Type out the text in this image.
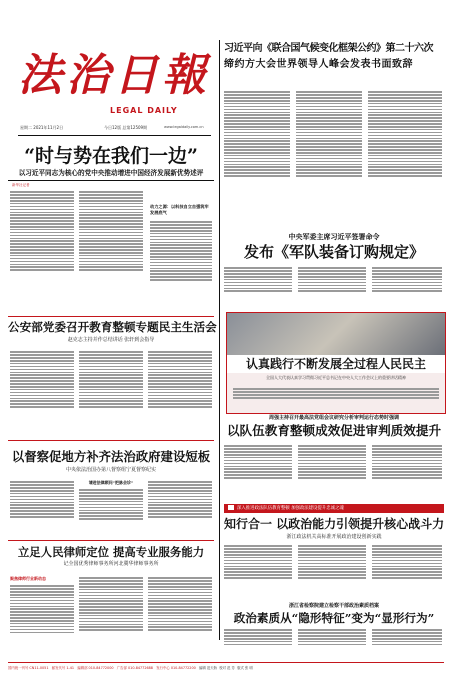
法治日報
LEGAL DAILY
www.legaldaily.com.cn
星期二 2021年11月2日	今日12版 总第12509期
习近平向《联合国气候变化框架公约》第二十六次
缔约方大会世界领导人峰会发表书面致辞
“时与势在我们一边”
以习近平同志为核心的党中央推动增进中国经济发展新优势述评
新华社记者
动力之源：以科技自立自强筑牢发展底气
中央军委主席习近平签署命令
发布《军队装备订购规定》
认真践行不断发展全过程人民民主
全国人大代表认真学习贯彻习近平总书记在中央人大工作会议上的重要讲话精神
公安部党委召开教育整顿专题民主生活会
赵克志主持并作总结讲话 张轩到会指导
周强主持召开最高法党组会议研究分析审判运行态势时强调
以队伍教育整顿成效促进审判质效提升
以督察促地方补齐法治政府建设短板
中央依法治国办第八督察组宁夏督察纪实
请进法律顾问“把脉会诊”
深入推进政法队伍教育整顿 加强政法建设提升忠诚之魂
知行合一 以政治能力引领提升核心战斗力
浙江政法机关高标准开展政治建设创新实践
立足人民律师定位 提高专业服务能力
记全国优秀律师事务所河北冀华律师事务所
聚焦律师行业新动态
浙江省检察院建立检察干部政治素质档案
政治素质从“隐形特征”变为“显形行为”
国内统一刊号 CN11-0051 邮发代号 1-41 编辑部 010-84772000 广告部 010-84772688 发行中心 010-84772200 编辑 范天娇 校对 范 芳 版式 张 明
